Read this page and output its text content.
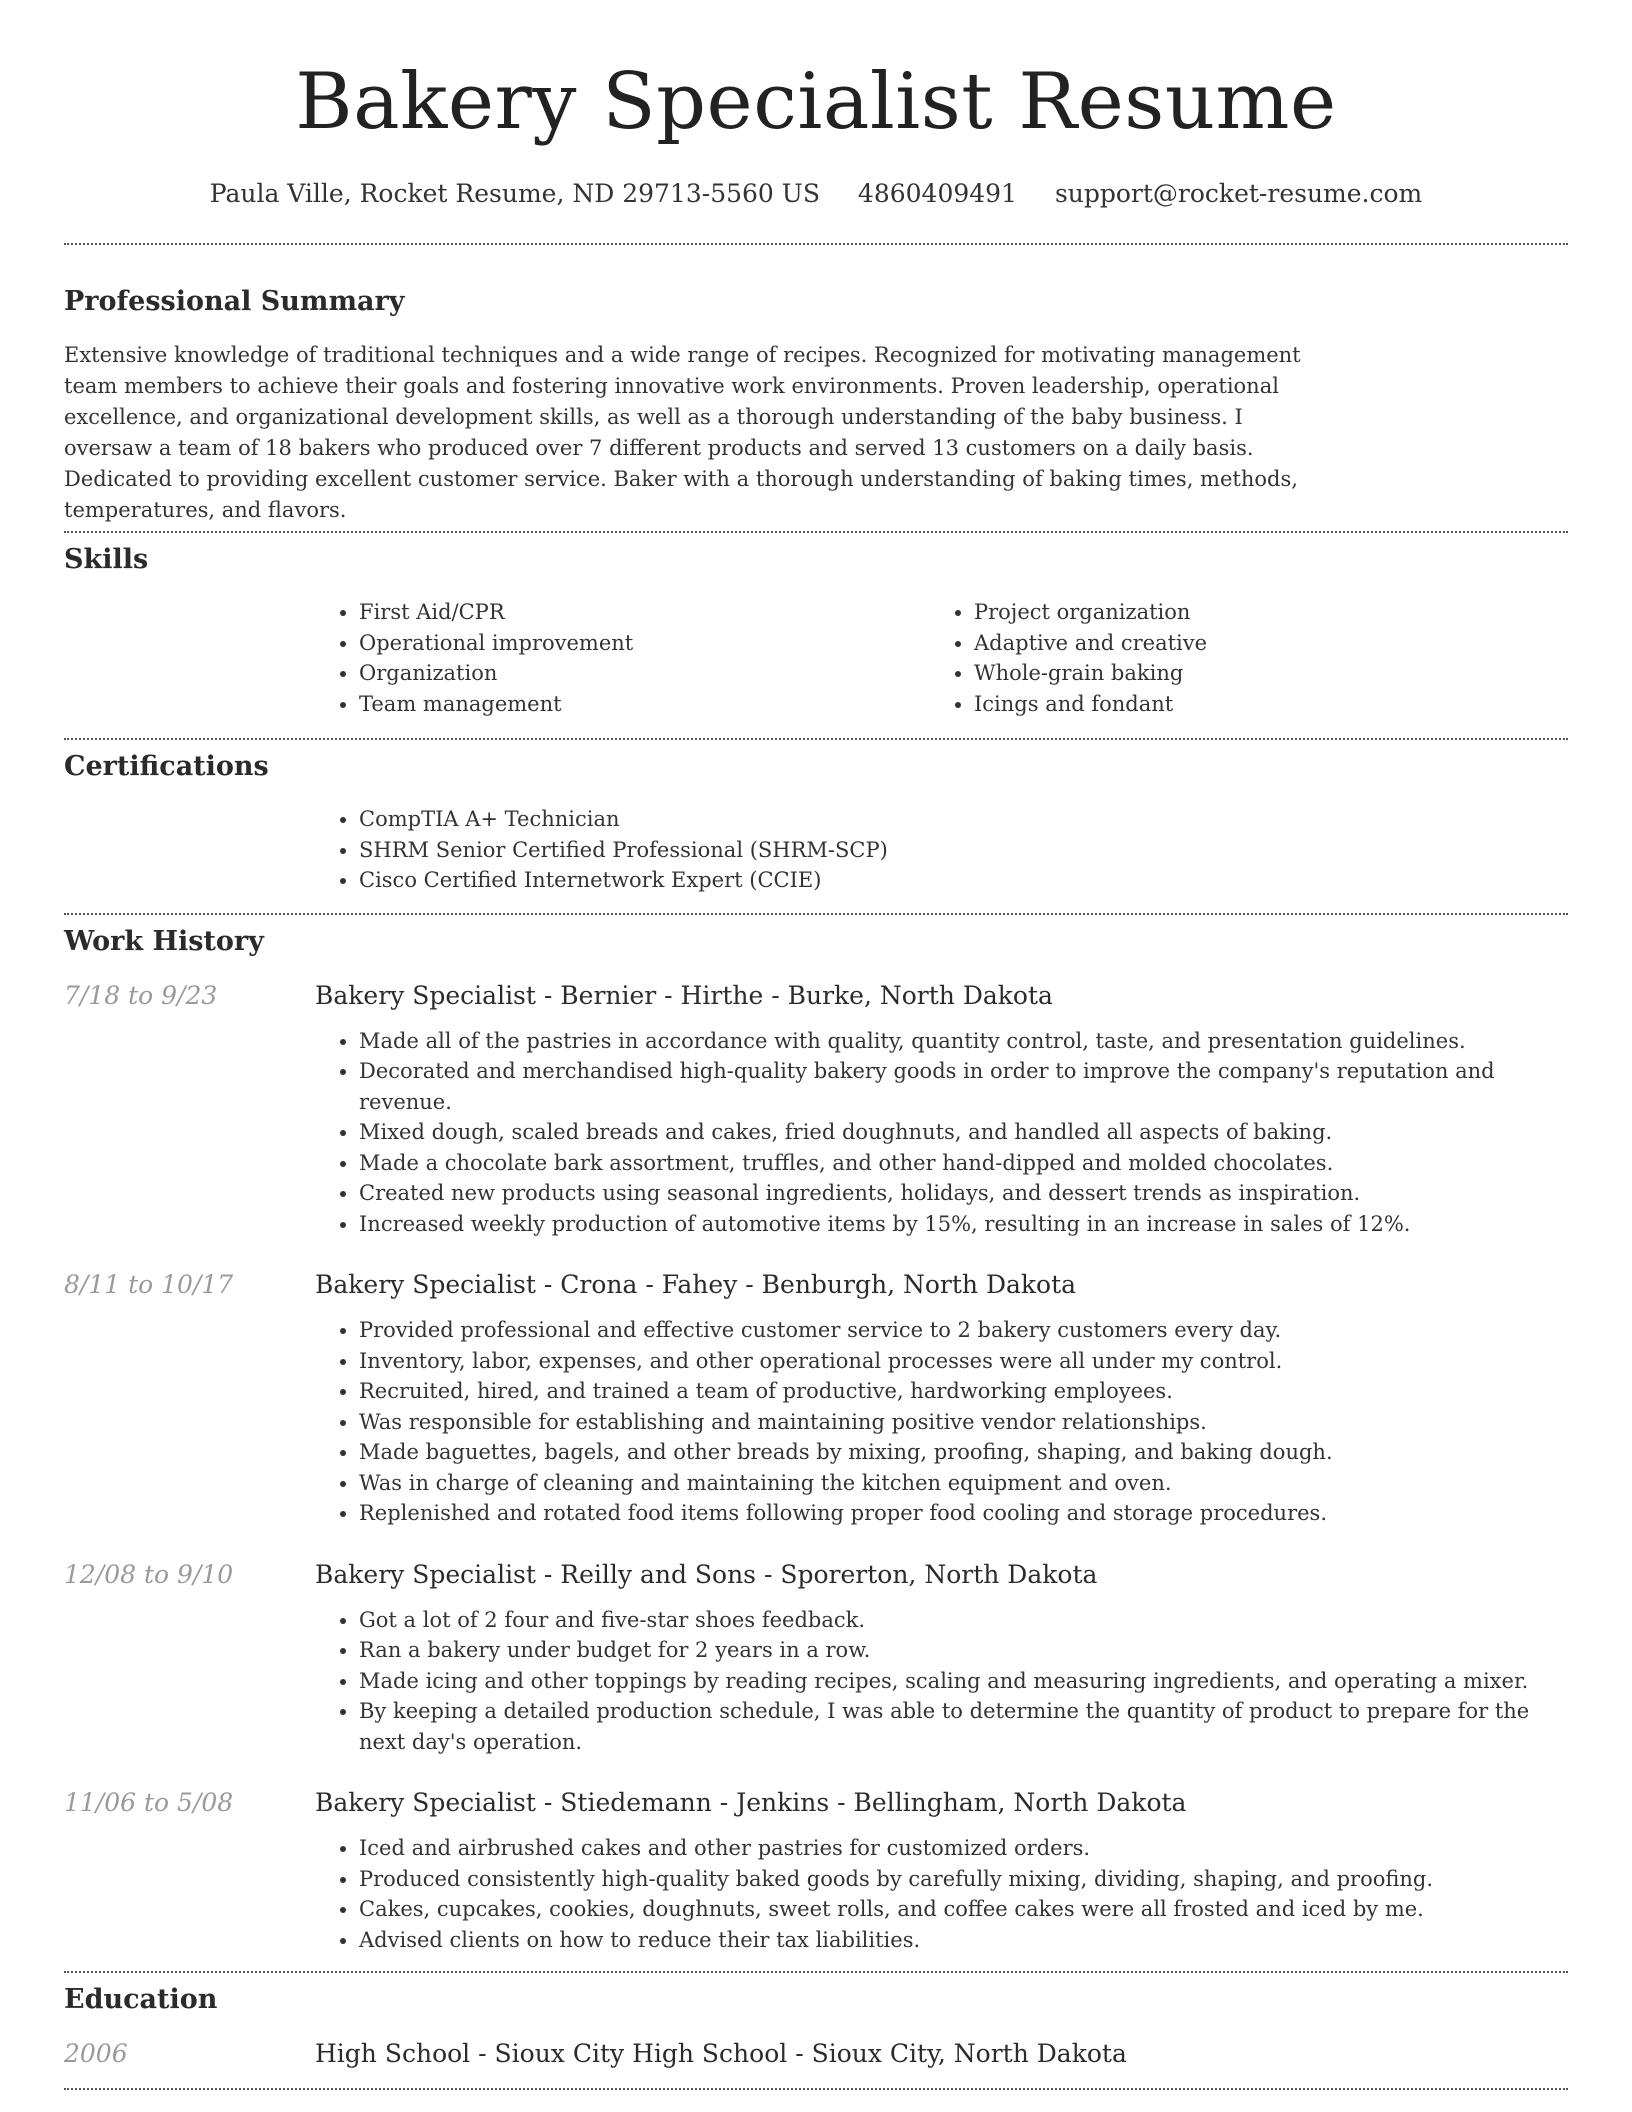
Bakery Specialist Resume
Paula Ville, Rocket Resume, ND 29713-5560 US 4860409491 support@rocket-resume.com
Professional Summary

Extensive knowledge of traditional techniques and a wide range of recipes. Recognized for motivating management team members to achieve their goals and fostering innovative work environments. Proven leadership, operational excellence, and organizational development skills, as well as a thorough understanding of the baby business. I oversaw a team of 18 bakers who produced over 7 different products and served 13 customers on a daily basis. Dedicated to providing excellent customer service. Baker with a thorough understanding of baking times, methods, temperatures, and flavors.

Skills
• First Aid/CPR
• Operational improvement
• Organization
• Team management
• Project organization
• Adaptive and creative
• Whole-grain baking
• Icings and fondant
Certifications
• CompTIA A+ Technician
• SHRM Senior Certified Professional (SHRM-SCP)
• Cisco Certified Internetwork Expert (CCIE)
Work History
7/18 to 9/23	Bakery Specialist - Bernier - Hirthe - Burke, North Dakota
• Made all of the pastries in accordance with quality, quantity control, taste, and presentation guidelines.
• Decorated and merchandised high-quality bakery goods in order to improve the company's reputation and revenue.
• Mixed dough, scaled breads and cakes, fried doughnuts, and handled all aspects of baking.
• Made a chocolate bark assortment, truffles, and other hand-dipped and molded chocolates.
• Created new products using seasonal ingredients, holidays, and dessert trends as inspiration.
• Increased weekly production of automotive items by 15%, resulting in an increase in sales of 12%.
8/11 to 10/17	Bakery Specialist - Crona - Fahey - Benburgh, North Dakota
• Provided professional and effective customer service to 2 bakery customers every day.
• Inventory, labor, expenses, and other operational processes were all under my control.
• Recruited, hired, and trained a team of productive, hardworking employees.
• Was responsible for establishing and maintaining positive vendor relationships.
• Made baguettes, bagels, and other breads by mixing, proofing, shaping, and baking dough.
• Was in charge of cleaning and maintaining the kitchen equipment and oven.
• Replenished and rotated food items following proper food cooling and storage procedures.
12/08 to 9/10	Bakery Specialist - Reilly and Sons - Sporerton, North Dakota
• Got a lot of 2 four and five-star shoes feedback.
• Ran a bakery under budget for 2 years in a row.
• Made icing and other toppings by reading recipes, scaling and measuring ingredients, and operating a mixer.
• By keeping a detailed production schedule, I was able to determine the quantity of product to prepare for the next day's operation.
11/06 to 5/08	Bakery Specialist - Stiedemann - Jenkins - Bellingham, North Dakota
• Iced and airbrushed cakes and other pastries for customized orders.
• Produced consistently high-quality baked goods by carefully mixing, dividing, shaping, and proofing.
• Cakes, cupcakes, cookies, doughnuts, sweet rolls, and coffee cakes were all frosted and iced by me.
• Advised clients on how to reduce their tax liabilities.
Education
2006	High School - Sioux City High School - Sioux City, North Dakota
